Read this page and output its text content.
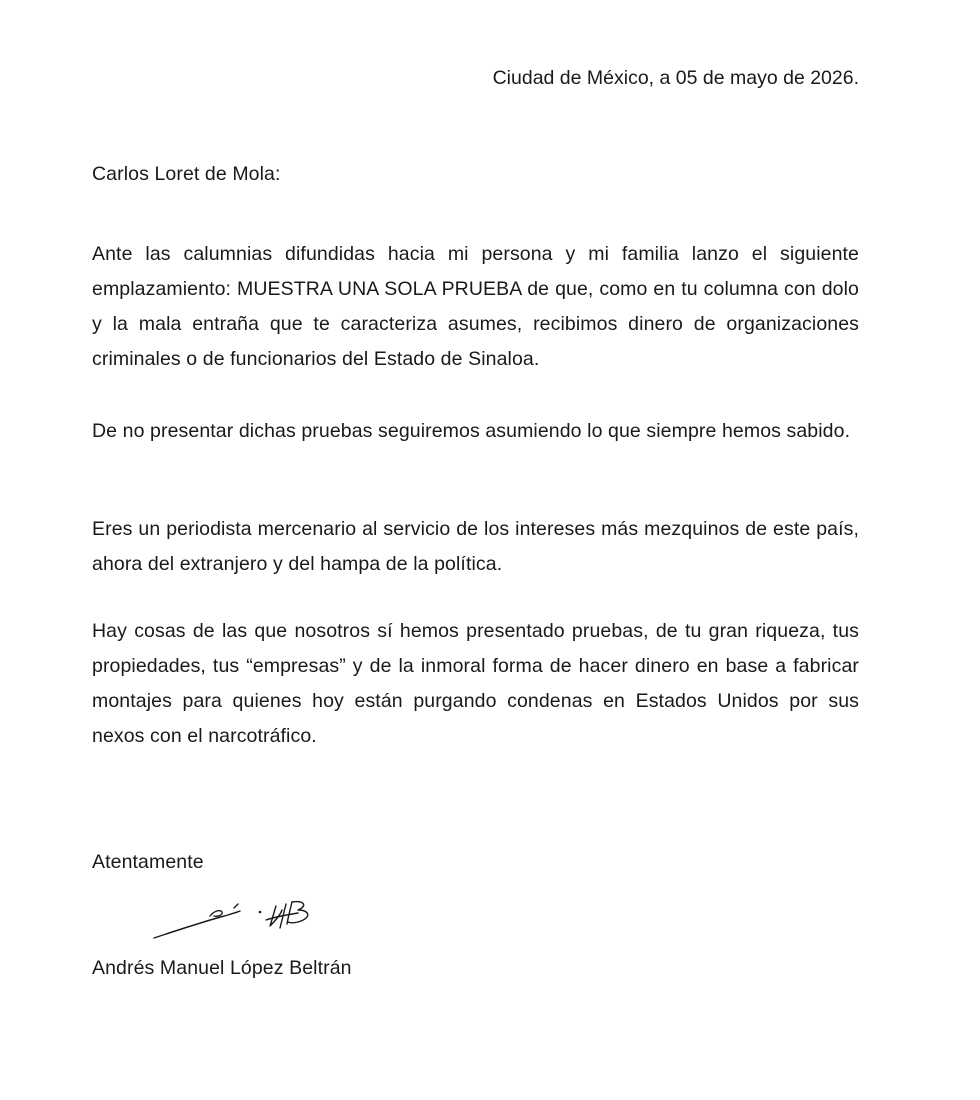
Ciudad de México, a 05 de mayo de 2026.
Carlos Loret de Mola:
Ante las calumnias difundidas hacia mi persona y mi familia lanzo el siguiente emplazamiento: MUESTRA UNA SOLA PRUEBA de que, como en tu columna con dolo y la mala entraña que te caracteriza asumes, recibimos dinero de organizaciones criminales o de funcionarios del Estado de Sinaloa.
De no presentar dichas pruebas seguiremos asumiendo lo que siempre hemos sabido.
Eres un periodista mercenario al servicio de los intereses más mezquinos de este país, ahora del extranjero y del hampa de la política.
Hay cosas de las que nosotros sí hemos presentado pruebas, de tu gran riqueza, tus propiedades, tus “empresas” y de la inmoral forma de hacer dinero en base a fabricar montajes para quienes hoy están purgando condenas en Estados Unidos por sus nexos con el narcotráfico.
Atentamente
Andrés Manuel López Beltrán
